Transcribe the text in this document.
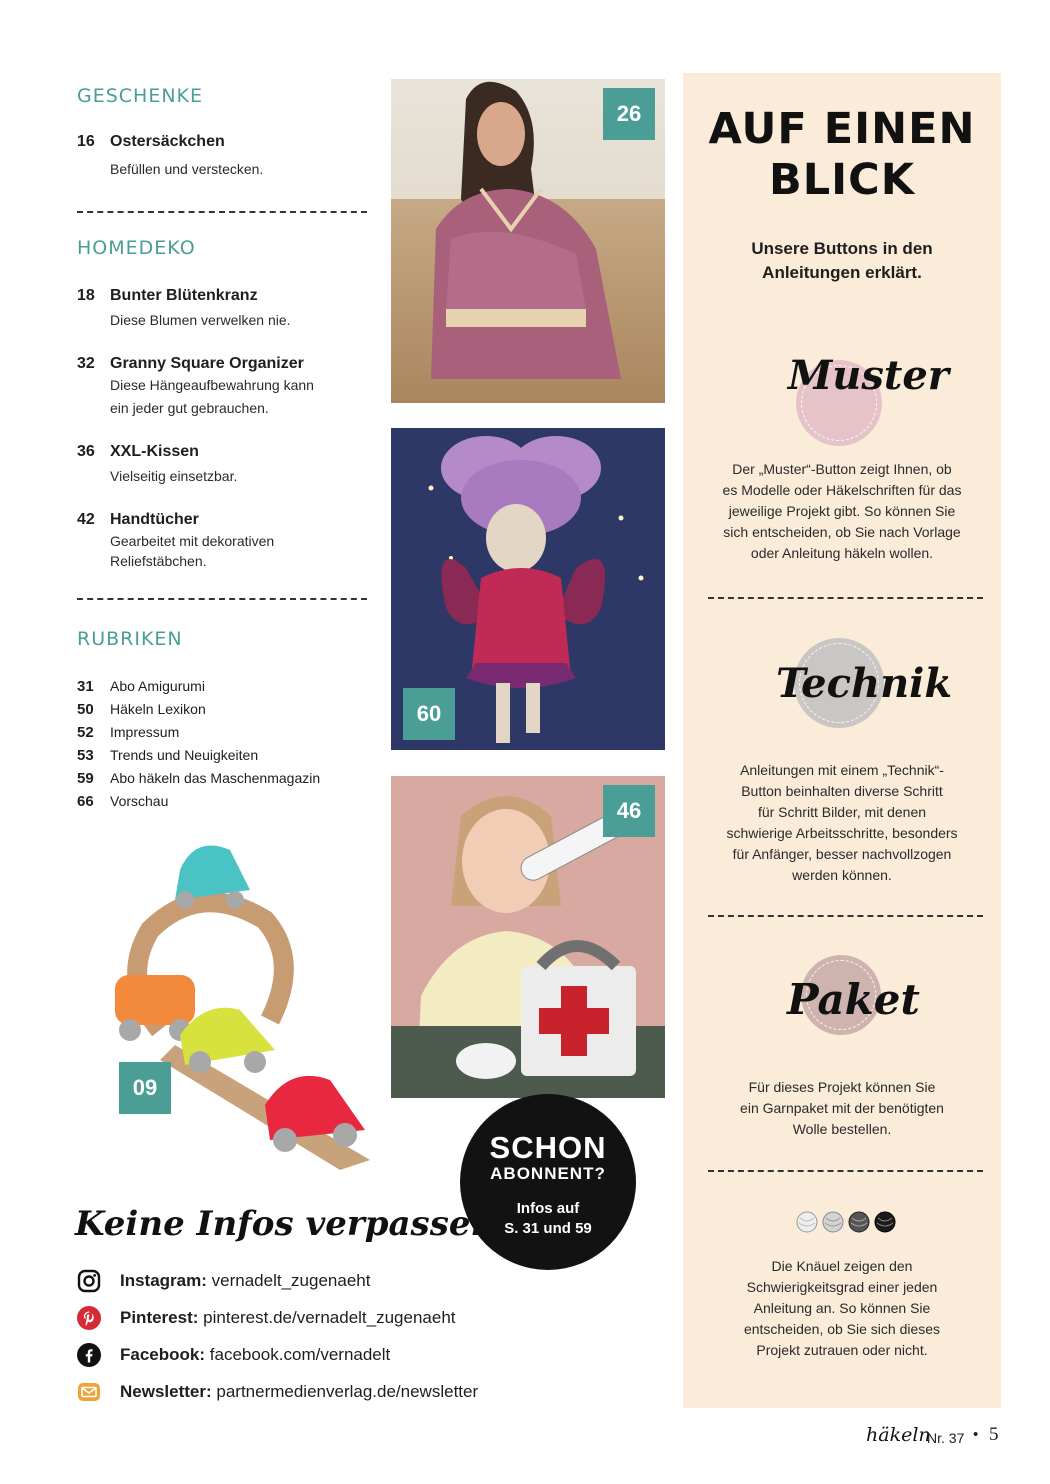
GESCHENKE
16 Ostersäckchen
Befüllen und verstecken.
HOMEDEKO
18 Bunter Blütenkranz
Diese Blumen verwelken nie.
32 Granny Square Organizer
Diese Hängeaufbewahrung kann
ein jeder gut gebrauchen.
36 XXL-Kissen
Vielseitig einsetzbar.
42 Handtücher
Gearbeitet mit dekorativen
Reliefstäbchen.
RUBRIKEN
31 Abo Amigurumi
50 Häkeln Lexikon
52 Impressum
53 Trends und Neuigkeiten
59 Abo häkeln das Maschenmagazin
66 Vorschau
26
60
46
09
SCHON
ABONNENT?
Infos auf
S. 31 und 59
Keine Infos verpassen
Instagram: vernadelt_zugenaeht
Pinterest: pinterest.de/vernadelt_zugenaeht
Facebook: facebook.com/vernadelt
Newsletter: partnermedienverlag.de/newsletter
AUF EINEN
BLICK
Unsere Buttons in den
Anleitungen erklärt.
Muster
Der „Muster“-Button zeigt Ihnen, ob
es Modelle oder Häkelschriften für das
jeweilige Projekt gibt. So können Sie
sich entscheiden, ob Sie nach Vorlage
oder Anleitung häkeln wollen.
Technik
Anleitungen mit einem „Technik“-
Button beinhalten diverse Schritt
für Schritt Bilder, mit denen
schwierige Arbeitsschritte, besonders
für Anfänger, besser nachvollzogen
werden können.
Paket
Für dieses Projekt können Sie
ein Garnpaket mit der benötigten
Wolle bestellen.
Die Knäuel zeigen den
Schwierigkeitsgrad einer jeden
Anleitung an. So können Sie
entscheiden, ob Sie sich dieses
Projekt zutrauen oder nicht.
häkeln
Nr. 37 • 5
